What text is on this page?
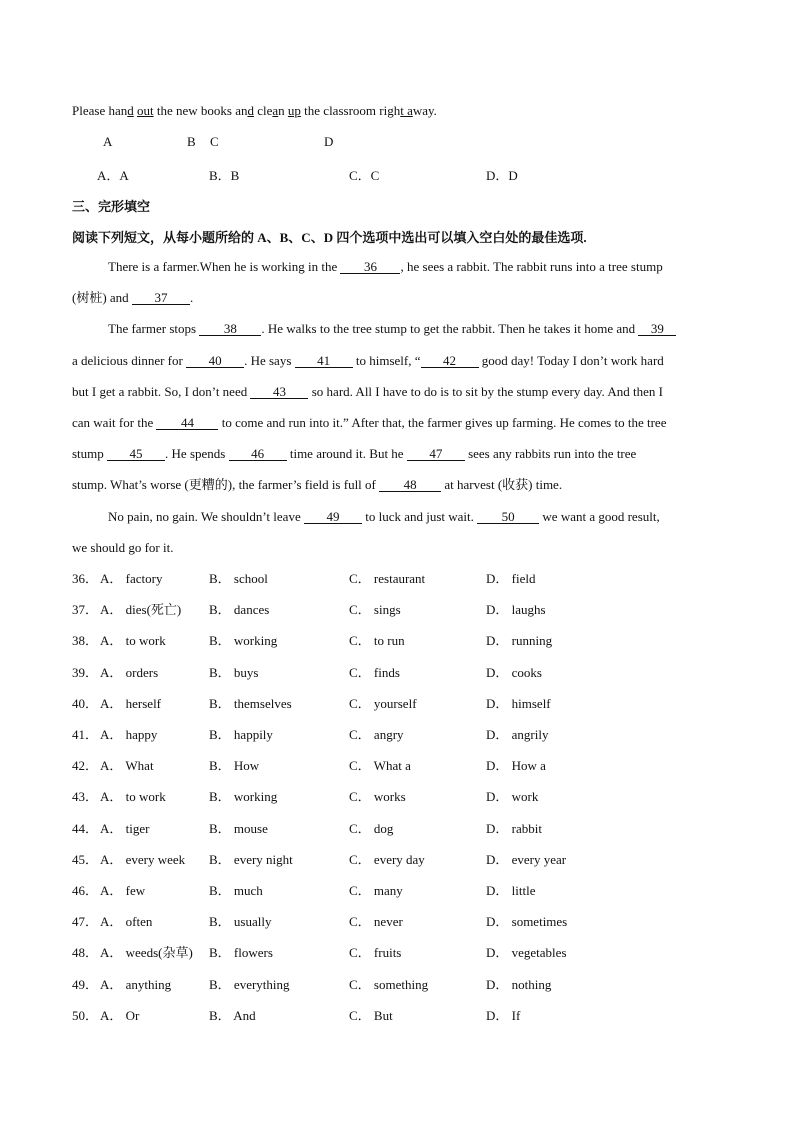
Please hand out the new books and clean up the classroom right away.
A	B C	D
A．A	B．B	C．C	D．D
三、完形填空
阅读下列短文，从每小题所给的 A、B、C、D 四个选项中选出可以填入空白处的最佳选项.
There is a farmer.When he is working in the 36 , he sees a rabbit. The rabbit runs into a tree stump
(树桩) and 37 .
The farmer stops 38 . He walks to the tree stump to get the rabbit. Then he takes it home and 39
a delicious dinner for 40 . He says 41 to himself, “ 42 good day! Today I don’t work hard
but I get a rabbit. So, I don’t need 43 so hard. All I have to do is to sit by the stump every day. And then I
can wait for the 44 to come and run into it.” After that, the farmer gives up farming. He comes to the tree
stump 45 . He spends 46 time around it. But he 47 sees any rabbits run into the tree
stump. What’s worse (更糟的), the farmer’s field is full of 48 at harvest (收获) time.
No pain, no gain. We shouldn’t leave 49 to luck and just wait. 50 we want a good result,
we should go for it.
36． A． factory	B． school	C． restaurant	D． field
37． A． dies(死亡) B． dances	C． sings	D． laughs
38． A． to work	B． working	C． to run	D． running
39． A． orders	B． buys	C． finds	D． cooks
40． A． herself	B． themselves	C． yourself	D． himself
41． A． happy	B． happily	C． angry	D． angrily
42． A． What	B． How	C． What a	D． How a
43． A． to work	B． working	C． works	D． work
44． A． tiger	B． mouse	C． dog	D． rabbit
45． A． every week B． every night	C． every day	D． every year
46． A． few	B． much	C． many	D． little
47． A． often	B． usually	C． never	D． sometimes
48． A． weeds(杂草) B． flowers	C． fruits	D． vegetables
49． A． anything	B． everything	C． something	D． nothing
50． A． Or	B． And	C． But	D． If
